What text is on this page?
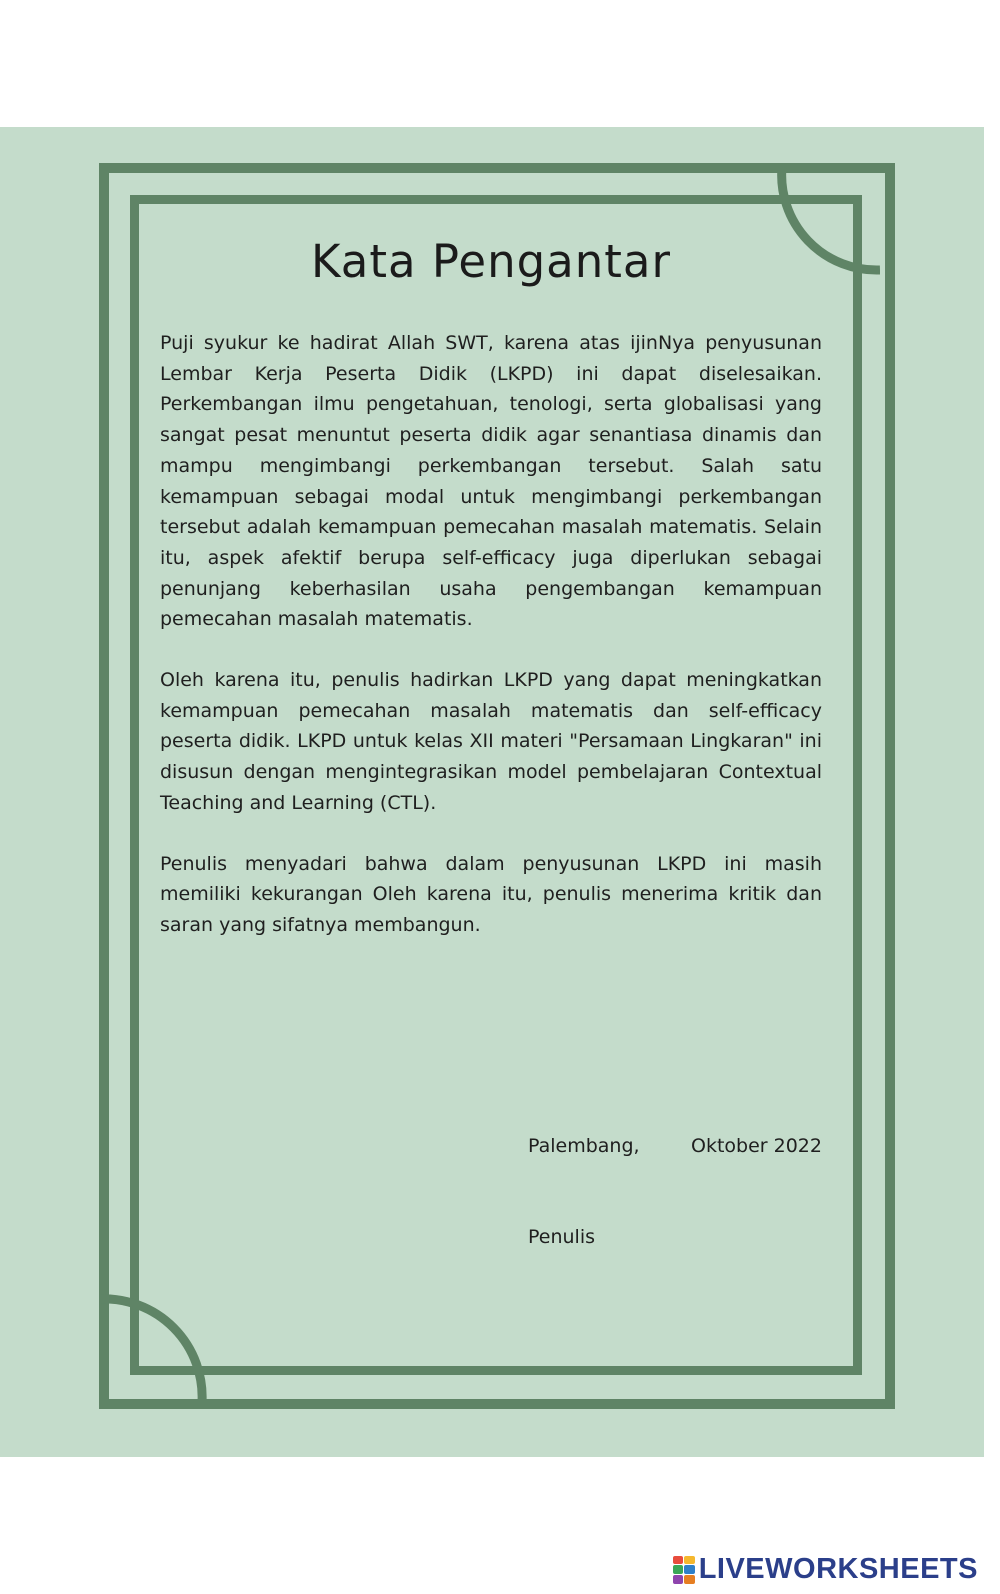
Kata Pengantar

Puji syukur ke hadirat Allah SWT, karena atas ijinNya penyusunan Lembar Kerja Peserta Didik (LKPD) ini dapat diselesaikan. Perkembangan ilmu pengetahuan, tenologi, serta globalisasi yang sangat pesat menuntut peserta didik agar senantiasa dinamis dan mampu mengimbangi perkembangan tersebut. Salah satu kemampuan sebagai modal untuk mengimbangi perkembangan tersebut adalah kemampuan pemecahan masalah matematis. Selain itu, aspek afektif berupa self-efficacy juga diperlukan sebagai penunjang keberhasilan usaha pengembangan kemampuan pemecahan masalah matematis.

Oleh karena itu, penulis hadirkan LKPD yang dapat meningkatkan kemampuan pemecahan masalah matematis dan self-efficacy peserta didik. LKPD untuk kelas XII materi "Persamaan Lingkaran" ini disusun dengan mengintegrasikan model pembelajaran Contextual Teaching and Learning (CTL).

Penulis menyadari bahwa dalam penyusunan LKPD ini masih memiliki kekurangan Oleh karena itu, penulis menerima kritik dan saran yang sifatnya membangun.

Palembang,	Oktober 2022
Penulis
LIVEWORKSHEETS
